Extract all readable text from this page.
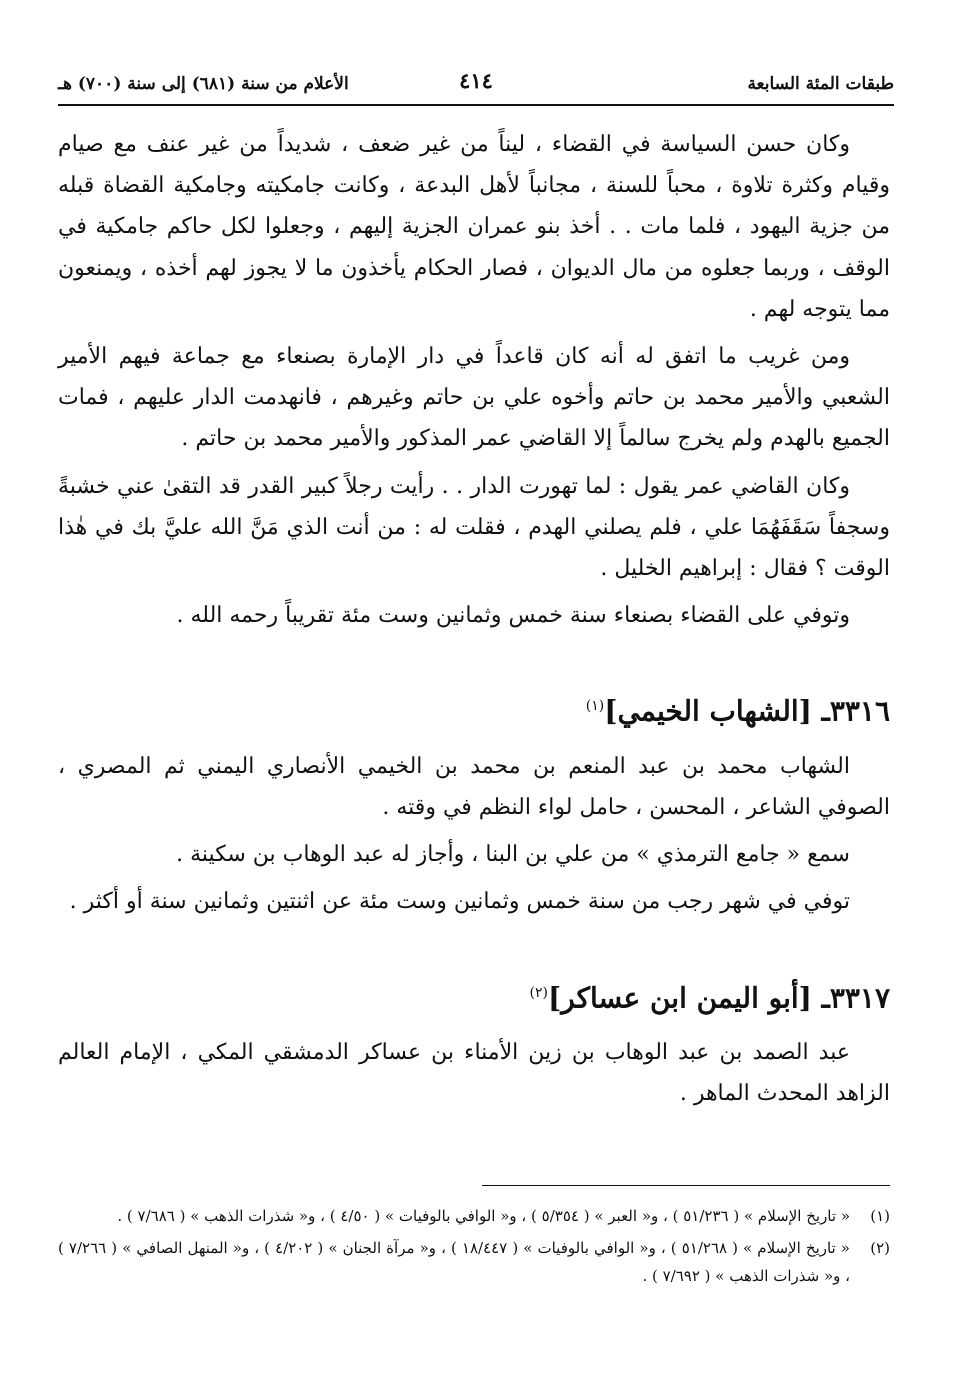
طبقات المئة السابعة
٤١٤
الأعلام من سنة (٦٨١) إلى سنة (٧٠٠) هـ

وكان حسن السياسة في القضاء ، ليناً من غير ضعف ، شديداً من غير عنف مع صيام وقيام وكثرة تلاوة ، محباً للسنة ، مجانباً لأهل البدعة ، وكانت جامكيته وجامكية القضاة قبله من جزية اليهود ، فلما مات . . أخذ بنو عمران الجزية إليهم ، وجعلوا لكل حاكم جامكية في الوقف ، وربما جعلوه من مال الديوان ، فصار الحكام يأخذون ما لا يجوز لهم أخذه ، ويمنعون مما يتوجه لهم .

ومن غريب ما اتفق له أنه كان قاعداً في دار الإمارة بصنعاء مع جماعة فيهم الأمير الشعبي والأمير محمد بن حاتم وأخوه علي بن حاتم وغيرهم ، فانهدمت الدار عليهم ، فمات الجميع بالهدم ولم يخرج سالماً إلا القاضي عمر المذكور والأمير محمد بن حاتم .

وكان القاضي عمر يقول : لما تهورت الدار . . رأيت رجلاً كبير القدر قد التقىٰ عني خشبةً وسجفاً سَقَفَهُمَا علي ، فلم يصلني الهدم ، فقلت له : من أنت الذي مَنَّ الله عليَّ بك في هٰذا الوقت ؟ فقال : إبراهيم الخليل .

وتوفي على القضاء بصنعاء سنة خمس وثمانين وست مئة تقريباً رحمه الله .

٣٣١٦ـ [الشهاب الخيمي]$^{(١)}$

الشهاب محمد بن عبد المنعم بن محمد بن الخيمي الأنصاري اليمني ثم المصري ، الصوفي الشاعر ، المحسن ، حامل لواء النظم في وقته .

سمع « جامع الترمذي » من علي بن البنا ، وأجاز له عبد الوهاب بن سكينة .

توفي في شهر رجب من سنة خمس وثمانين وست مئة عن اثنتين وثمانين سنة أو أكثر .

٣٣١٧ـ [أبو اليمن ابن عساكر]$^{(٢)}$

عبد الصمد بن عبد الوهاب بن زين الأمناء بن عساكر الدمشقي المكي ، الإمام العالم الزاهد المحدث الماهر .

(١)
« تاريخ الإسلام » ( ٥١/٢٣٦ ) ، و« العبر » ( ٥/٣٥٤ ) ، و« الوافي بالوفيات » ( ٤/٥٠ ) ، و« شذرات الذهب » ( ٧/٦٨٦ ) .
(٢)
« تاريخ الإسلام » ( ٥١/٢٦٨ ) ، و« الوافي بالوفيات » ( ١٨/٤٤٧ ) ، و« مرآة الجنان » ( ٤/٢٠٢ ) ، و« المنهل الصافي » ( ٧/٢٦٦ ) ، و« شذرات الذهب » ( ٧/٦٩٢ ) .
